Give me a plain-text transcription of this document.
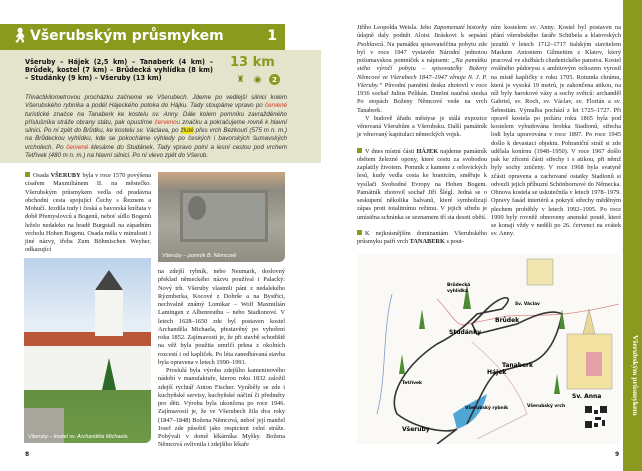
🚶︎ Všerubským průsmykem	1
Všeruby – Hájek (2,5 km) – Tanaberk (4 km) – Brůdek, kostel (7 km) – Brůdecká vyhlídka (8 km) – Studánky (9 km) – Všeruby (13 km)
13 km
♜ ◉	2
Třináctikilometrovou procházku začneme ve Všerubech. Jdeme po vedlejší silnici kolem Všerubského rybníka a podél Hájeckého potoka do Hájku. Tady stoupáme vpravo po červené turistické značce na Tanaberk ke kostelu sv. Anny. Dále kolem pomníku zavražděného příslušníka stráže obrany státu, pak opustíme červenou značku a pokračujeme rovně k hlavní silnici. Po ní zpět do Brůdku, ke kostelu sv. Václava, po žluté přes vrch Bezkoutí (575 m n. m.) na Brůdeckou vyhlídku, kde se pokocháme výhledy po českých i bavorských šumavských vrcholech. Po červené klesáme do Studánek. Tady vpravo polní a lesní cestou pod vrchem Tetřívek (480 m n. m.) na hlavní silnici. Po ní vlevo zpět do Všerub.

Osada VŠERUBY byla v roce 1570 povýšena císařem Maxmiliánem II. na městečko. Všerubským průsmykem vedla od pradávna obchodní cesta spojující Čechy s Řeznem a Mohučí. Jezdila tudy i česká a bavorská knížata v době Přemyslovců a Bogenů, neboť sídlo Bogenů leželo nedaleko na hradě Burgstall na západním vrcholu Hohen Bogenu. Osada měla v minulosti i jiné názvy, třeba Zum Böhmischen Weyher, odkazující

Všeruby – pomník B. Němcové
Všeruby – kostel sv. Archanděla Michaela

na zdejší rybník, nebo Neumark, doslovný překlad německého názvu používal i Palacký: Nový trh. Všeruby vlastnili páni z nedalekého Rýzmberka, Kocové z Dobrše a na Bystřici, nechvalně známý Lomikar – Wolf Maxmilián Lamingen z Albenreuthu – nebo Stadionové. V letech 1628–1650 zde byl postaven kostel Archanděla Michaela, přestavěný po vyhoření roku 1852. Zajímavostí je, že při stavbě schodiště na věž byla použita umrlčí prkna z okolních rozcestí i od kapliček. Po léta zanedbávaná stavba byla opravena v letech 1990–1991.

Proslulá byla výroba zdejšího kameninového nádobí v manufaktuře, kterou roku 1832 založil zdejší rychtář Anton Fischer. Vyráběly se zde i kuchyňské servisy, kuchyňské náčiní či předměty pro děti. Výroba byla ukončena po roce 1946. Zajímavostí je, že ve Všerubech žila dva roky (1847–1848) Božena Němcová, neboť její manžel Josef zde působil jako respicient celní stráže. Pobývali v domě lékárníka Myšky. Božena Němcová ovlivnila i zdejšího lékaře

8

Jiřího Leopolda Weisla. Jeho Zapomenuté historky údajně daly podnět Aloisi Jiráskovi k sepsání Psohlavců. Na památku spisovatelčina pobytu zde byl v roce 1947 vystavěn Národní jednotou pošumavskou pomníček s nápisem: „Na památku stého výročí pobytu – spisovatelky Boženy Němcové ve Všerubech 1847–1947 věnuje N. J. P. Všeruby.“ Původní pamětní desku zhotovil v roce 1936 sochař Julius Pelikán. Dnešní naučná stezka Po stopách Boženy Němcové vede na vrch Tanaberk.

V budově úřadu městyse je stálá expozice věnovaná Všerubům a Všerubsku. Další památník je věnovaný kapitulaci německých vojsk.

V dnes místní části HÁJEK najdeme památník obětem železné opony, které cestu za svobodou zaplatily životem. Pomník z kamene z orlovických lesů, kudy vedla cesta ke hranicím, směřuje k vysílači Svobodné Evropy na Hohen Bogem. Památník zhotovil sochař Jiří Šlégl. Jedná se o seskupení několika balvanů, které symbolizují zápas proti totalitnímu režimu. V jejich středu je umístěna schránka se seznamem tří sta deseti obětí.

K nejkrásnějším dominantám Všerubského průsmyku patří vrch TANABERK s pout-

ním kostelem sv. Anny. Kostel byl postaven na přání všerubského faráře Schübela a klatovských jezuitů v letech 1712–1717 italským stavitelem Markem Antoniem Gilmettim z Klatov, který pracoval ve službách chudenického panstva. Kostel oválného půdorysu s ambitovým ochozem vyrostl na místě kapličky z roku 1705. Rotunda chrámu, která je vysoká 19 metrů, je zakončena atikou, na níž byly barokové vázy a sochy světců: archanděl Gabriel, sv. Roch, sv. Václav, sv. Florián a sv. Šebestián. Výmalba pochází z let 1725–1727. Při opravě kostela po požáru roku 1865 byla pod kostelem vybudována hrobka Stadionů, střecha lodi byla upravována v roce 1897. Po roce 1945 došlo k devastaci objektu. Pohraniční stráž si zde udělala konírnu (1948–1950). V roce 1967 došlo pak ke zřícení části střechy i s atikou, při němž byly sochy zničeny. V roce 1968 byla svatyně zčásti opravena a zachované ostatky Stadionů si odvezli jejich příbuzní Schönbornové do Německa. Obnova kostela se uskutečnila v letech 1978–1979. Opravy fasád interiérů a pokrytí střechy měděným plechem proběhly v letech 1992–1995. Po roce 1990 byly rovněž obnoveny anenské poutě, které se konají vždy v neděli po 26. červenci na svátek sv. Anny.

Brůdecká
vyhlídka
Sv. Václav
Brůdek
Studánky
Tanaberk
Hájek
Sv. Anna
Tetřívek
Všerubský rybník	Všerubský vrch
Všeruby
9
Všerubským průsmykem
